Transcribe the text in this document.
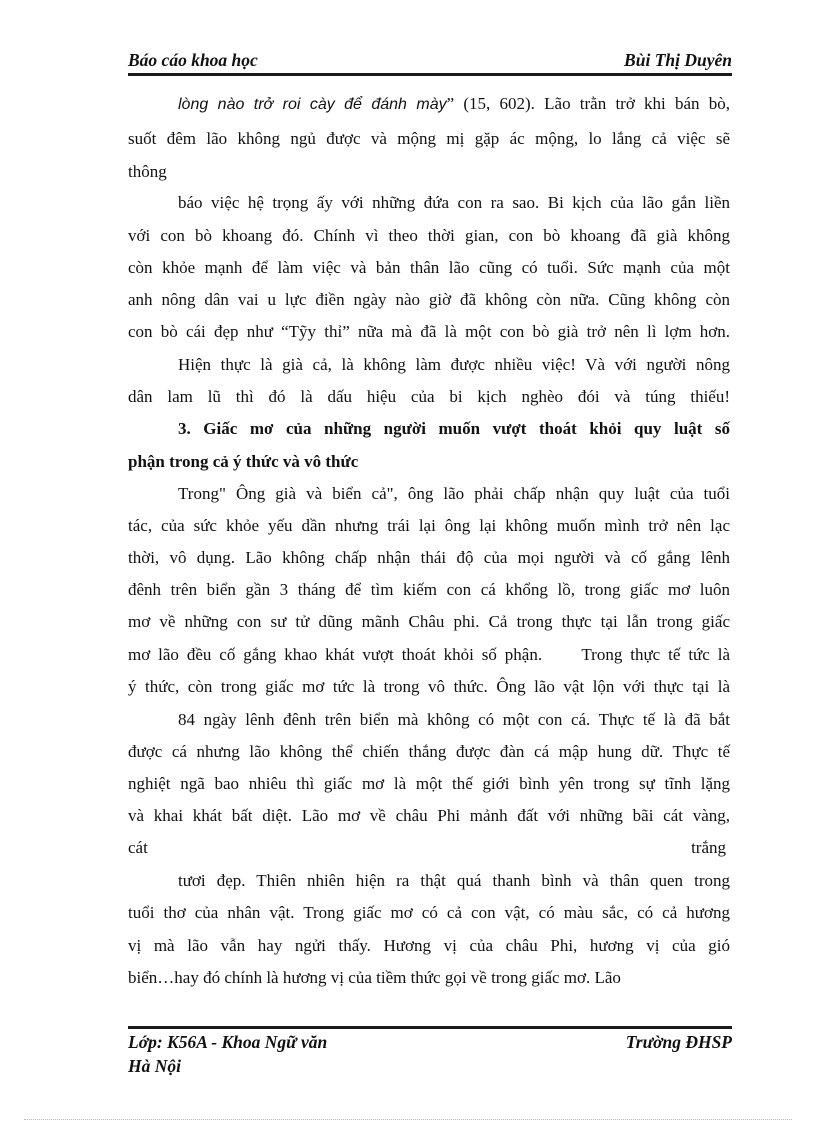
Báo cáo khoa học	Bùi Thị Duyên
lòng nào trở roi cày để đánh mày” (15, 602). Lão trằn trở khi bán bò,
suốt đêm lão không ngủ được và mộng mị gặp ác mộng, lo lắng cả việc sẽ
thông
báo việc hệ trọng ấy với những đứa con ra sao. Bi kịch của lão gắn liền
với con bò khoang đó. Chính vì theo thời gian, con bò khoang đã già không
còn khỏe mạnh để làm việc và bản thân lão cũng có tuổi. Sức mạnh của một
anh nông dân vai u lực điền ngày nào giờ đã không còn nữa. Cũng không còn
con bò cái đẹp như “Tỹy thỉ” nữa mà đã là một con bò già trở nên lì lợm hơn.
Hiện thực là già cả, là không làm được nhiều việc! Và với người nông
dân lam lũ thì đó là dấu hiệu của bi kịch nghèo đói và túng thiếu!
3. Giấc mơ của những người muốn vượt thoát khỏi quy luật số
phận trong cả ý thức và vô thức
Trong" Ông già và biển cả", ông lão phải chấp nhận quy luật của tuổi
tác, của sức khỏe yếu dần nhưng trái lại ông lại không muốn mình trở nên lạc
thời, vô dụng. Lão không chấp nhận thái độ của mọi người và cố gắng lênh
đênh trên biển gần 3 tháng để tìm kiếm con cá khổng lồ, trong giấc mơ luôn
mơ về những con sư tử dũng mãnh Châu phi. Cả trong thực tại lẫn trong giấc
mơ lão đều cố gắng khao khát vượt thoát khỏi số phận.     Trong thực tế tức là
ý thức, còn trong giấc mơ tức là trong vô thức. Ông lão vật lộn với thực tại là
84 ngày lênh đênh trên biển mà không có một con cá. Thực tế là đã bắt
được cá nhưng lão không thể chiến thắng được đàn cá mập hung dữ. Thực tế
nghiệt ngã bao nhiêu thì giấc mơ là một thế giới bình yên trong sự tĩnh lặng
và khai khát bất diệt. Lão mơ về châu Phi mảnh đất với những bãi cát vàng,
cát	trắng
tươi đẹp. Thiên nhiên hiện ra thật quá thanh bình và thân quen trong
tuổi thơ của nhân vật. Trong giấc mơ có cả con vật, có màu sắc, có cả hương
vị mà lão vẫn hay ngửi thấy. Hương vị của châu Phi, hương vị của gió
biển…hay đó chính là hương vị của tiềm thức gọi về trong giấc mơ. Lão
Lớp: K56A - Khoa Ngữ văn
Hà Nội
Trường ĐHSP
